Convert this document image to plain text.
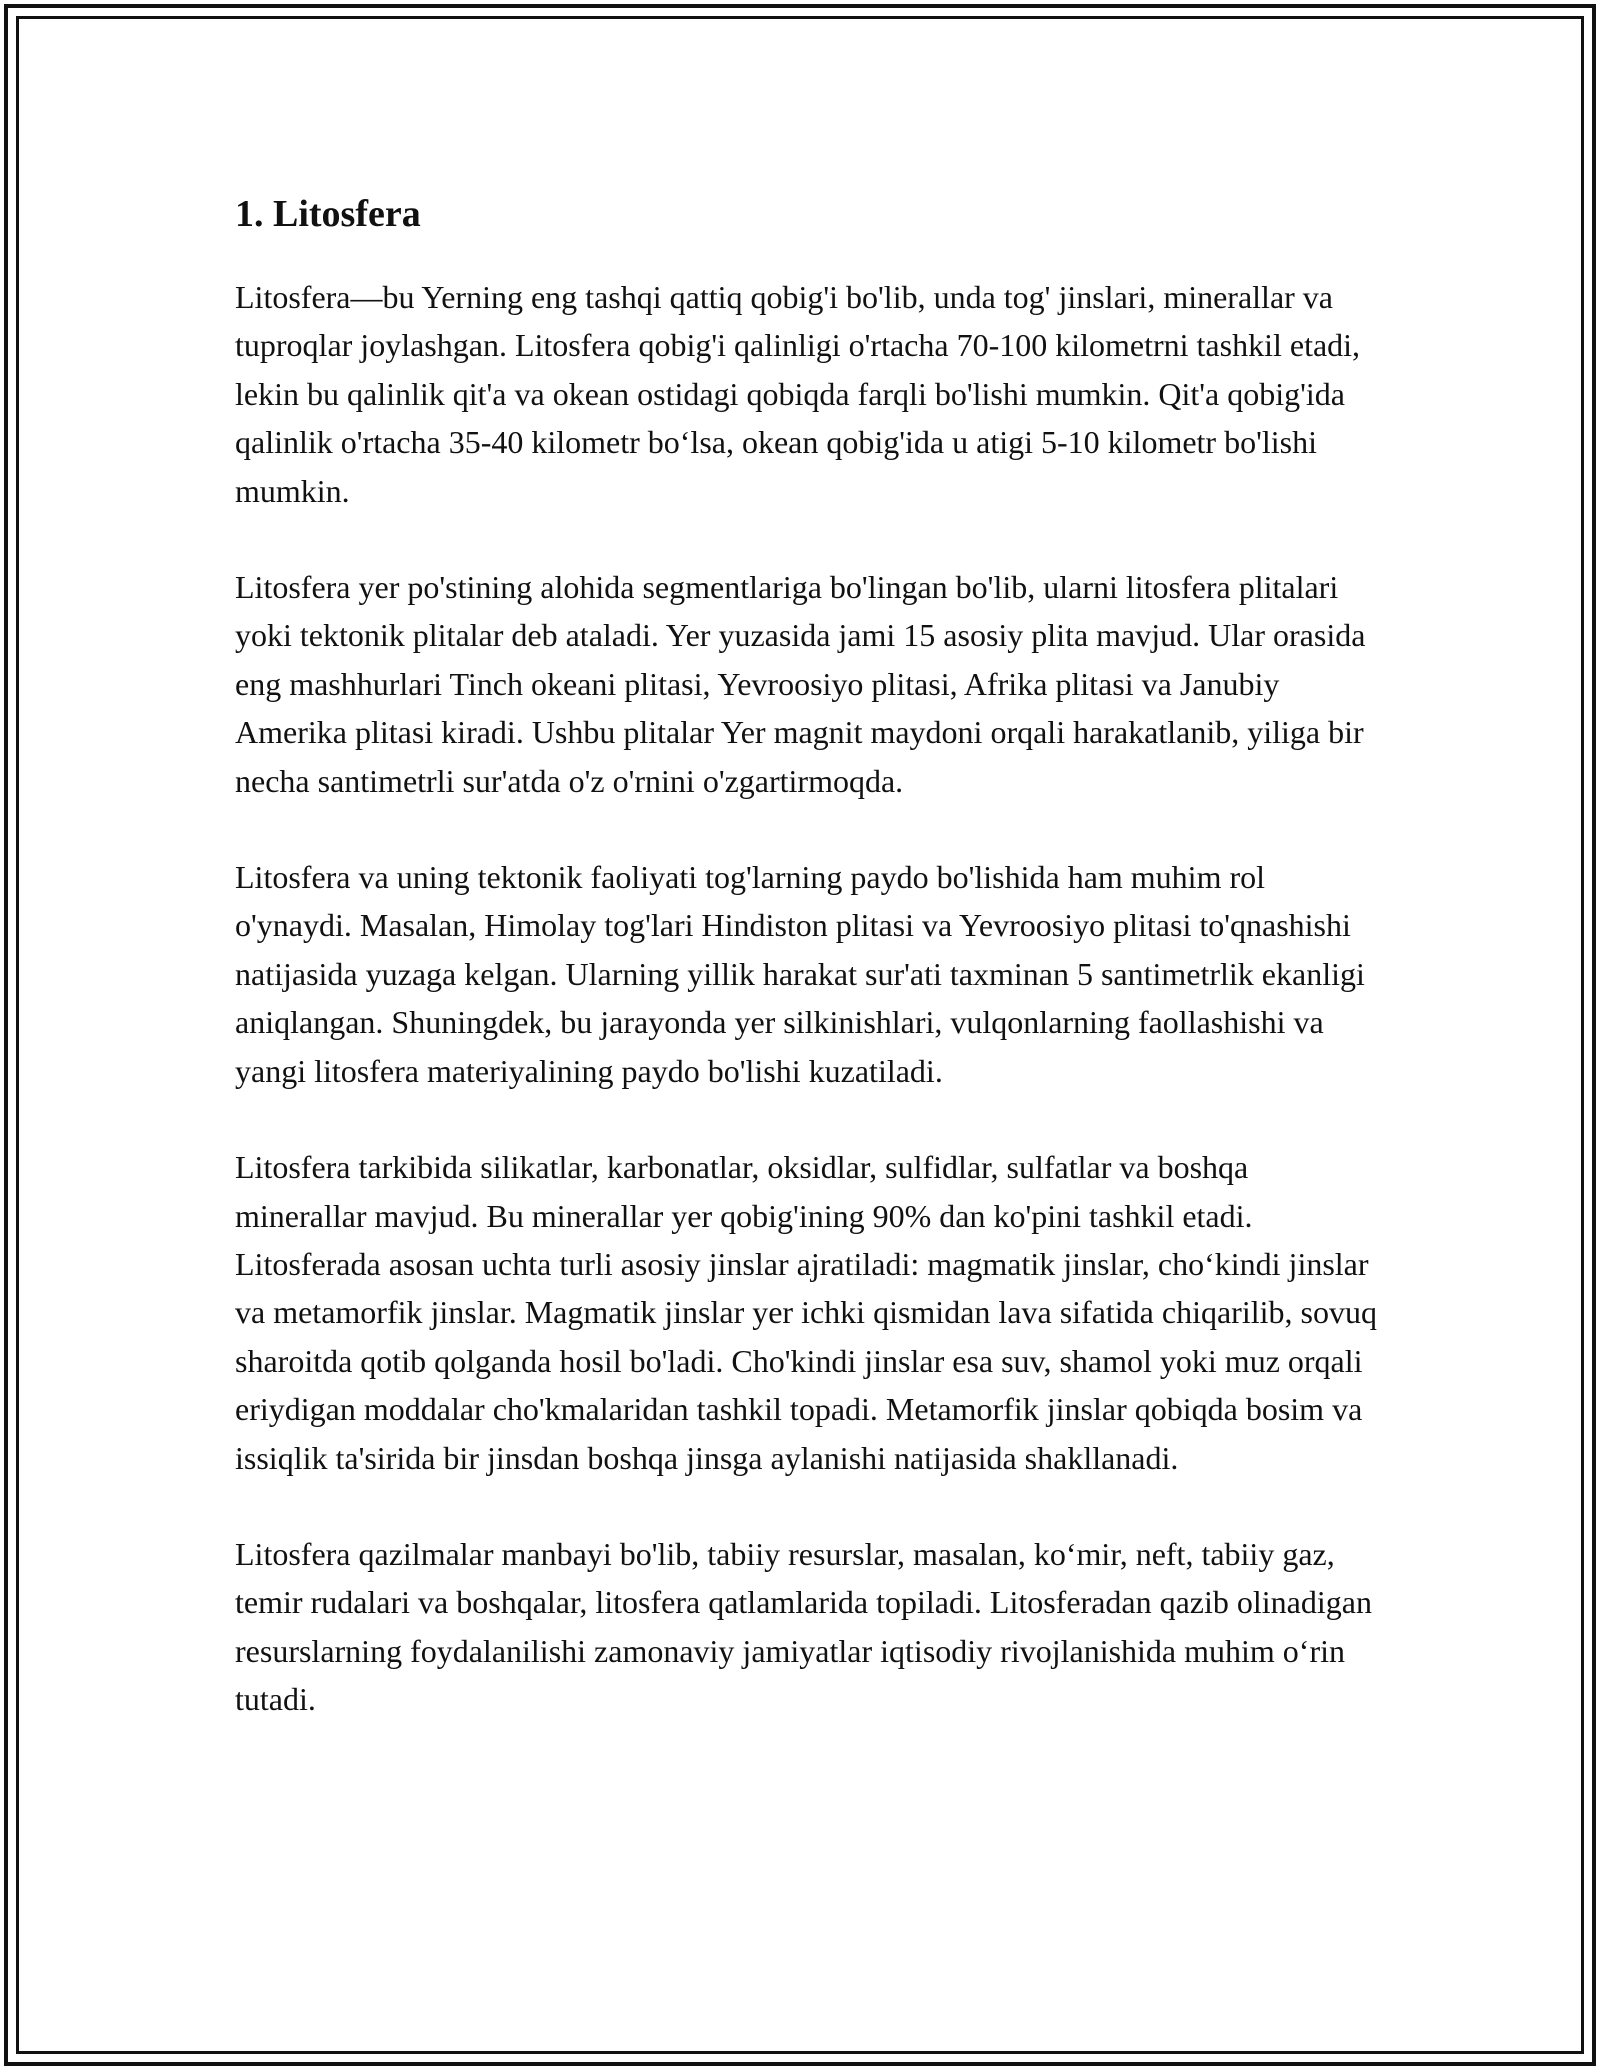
1. Litosfera

Litosfera—bu Yerning eng tashqi qattiq qobig'i bo'lib, unda tog' jinslari, minerallar va tuproqlar joylashgan. Litosfera qobig'i qalinligi o'rtacha 70-100 kilometrni tashkil etadi, lekin bu qalinlik qit'a va okean ostidagi qobiqda farqli bo'lishi mumkin. Qit'a qobig'ida qalinlik o'rtacha 35-40 kilometr bo‘lsa, okean qobig'ida u atigi 5-10 kilometr bo'lishi mumkin.

Litosfera yer po'stining alohida segmentlariga bo'lingan bo'lib, ularni litosfera plitalari yoki tektonik plitalar deb ataladi. Yer yuzasida jami 15 asosiy plita mavjud. Ular orasida eng mashhurlari Tinch okeani plitasi, Yevroosiyo plitasi, Afrika plitasi va Janubiy Amerika plitasi kiradi. Ushbu plitalar Yer magnit maydoni orqali harakatlanib, yiliga bir necha santimetrli sur'atda o'z o'rnini o'zgartirmoqda.

Litosfera va uning tektonik faoliyati tog'larning paydo bo'lishida ham muhim rol o'ynaydi. Masalan, Himolay tog'lari Hindiston plitasi va Yevroosiyo plitasi to'qnashishi natijasida yuzaga kelgan. Ularning yillik harakat sur'ati taxminan 5 santimetrlik ekanligi aniqlangan. Shuningdek, bu jarayonda yer silkinishlari, vulqonlarning faollashishi va yangi litosfera materiyalining paydo bo'lishi kuzatiladi.

Litosfera tarkibida silikatlar, karbonatlar, oksidlar, sulfidlar, sulfatlar va boshqa minerallar mavjud. Bu minerallar yer qobig'ining 90% dan ko'pini tashkil etadi. Litosferada asosan uchta turli asosiy jinslar ajratiladi: magmatik jinslar, cho‘kindi jinslar va metamorfik jinslar. Magmatik jinslar yer ichki qismidan lava sifatida chiqarilib, sovuq sharoitda qotib qolganda hosil bo'ladi. Cho'kindi jinslar esa suv, shamol yoki muz orqali eriydigan moddalar cho'kmalaridan tashkil topadi. Metamorfik jinslar qobiqda bosim va issiqlik ta'sirida bir jinsdan boshqa jinsga aylanishi natijasida shakllanadi.

Litosfera qazilmalar manbayi bo'lib, tabiiy resurslar, masalan, ko‘mir, neft, tabiiy gaz, temir rudalari va boshqalar, litosfera qatlamlarida topiladi. Litosferadan qazib olinadigan resurslarning foydalanilishi zamonaviy jamiyatlar iqtisodiy rivojlanishida muhim o‘rin tutadi.
